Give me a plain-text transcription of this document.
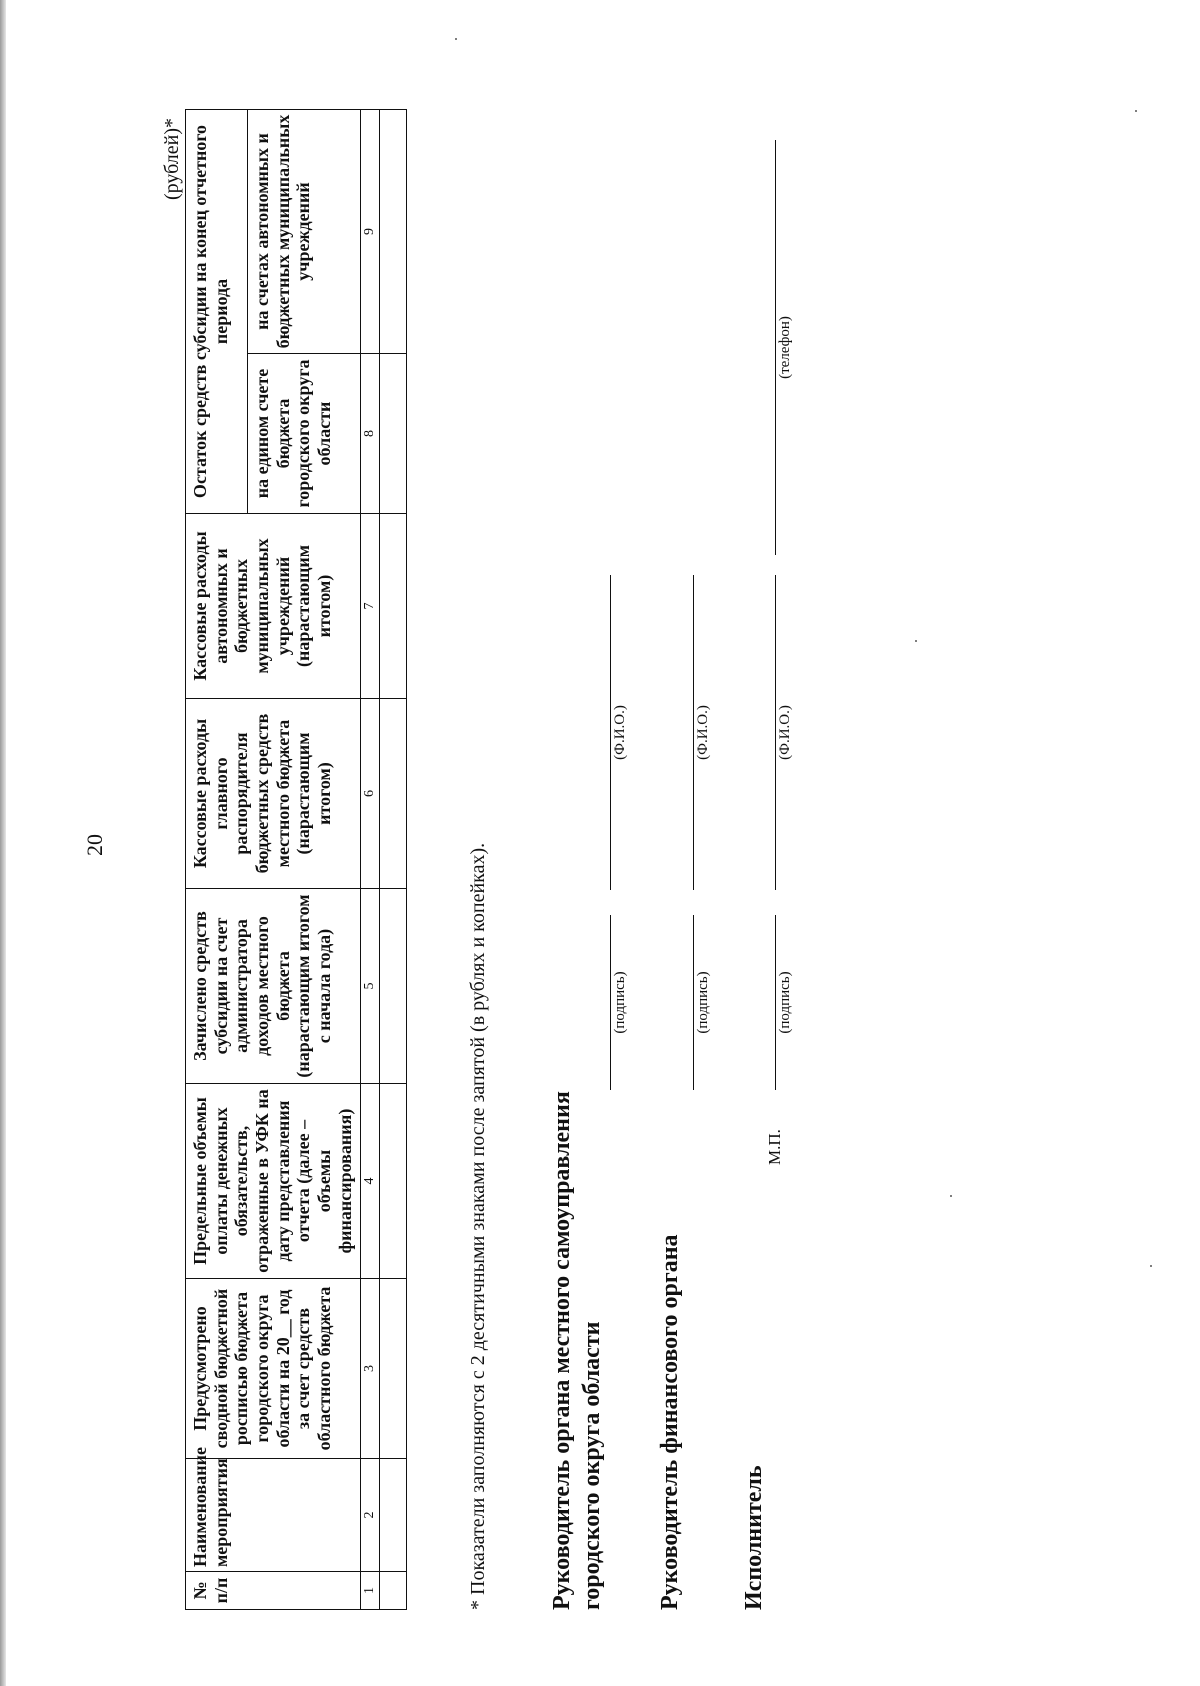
20
(рублей)*
№ п/п	Наименование мероприятия	Предусмотрено сводной бюджетной росписью бюджета городского округа области на 20__ год за счет средств областного бюджета	Предельные объемы оплаты денежных обязательств, отраженные в УФК на дату представления отчета (далее – объемы финансирования)	Зачислено средств субсидии на счет администратора доходов местного бюджета (нарастающим итогом с начала года)	Кассовые расходы главного распорядителя бюджетных средств местного бюджета (нарастающим итогом)	Кассовые расходы автономных и бюджетных муниципальных учреждений (нарастающим итогом)	Остаток средств субсидии на конец отчетного периода	
							на едином счете бюджета городского округа области	на счетах автономных и бюджетных муниципальных учреждений
1	2	3	4	5	6	7	8	9

* Показатели заполняются с 2 десятичными знаками после запятой (в рублях и копейках).	Руководитель органа местного самоуправления городского округа области
(подпись)
(Ф.И.О.)
Руководитель финансового органа
(подпись)
(Ф.И.О.)
Исполнитель
М.П.
(подпись)
(Ф.И.О.)
(телефон)
